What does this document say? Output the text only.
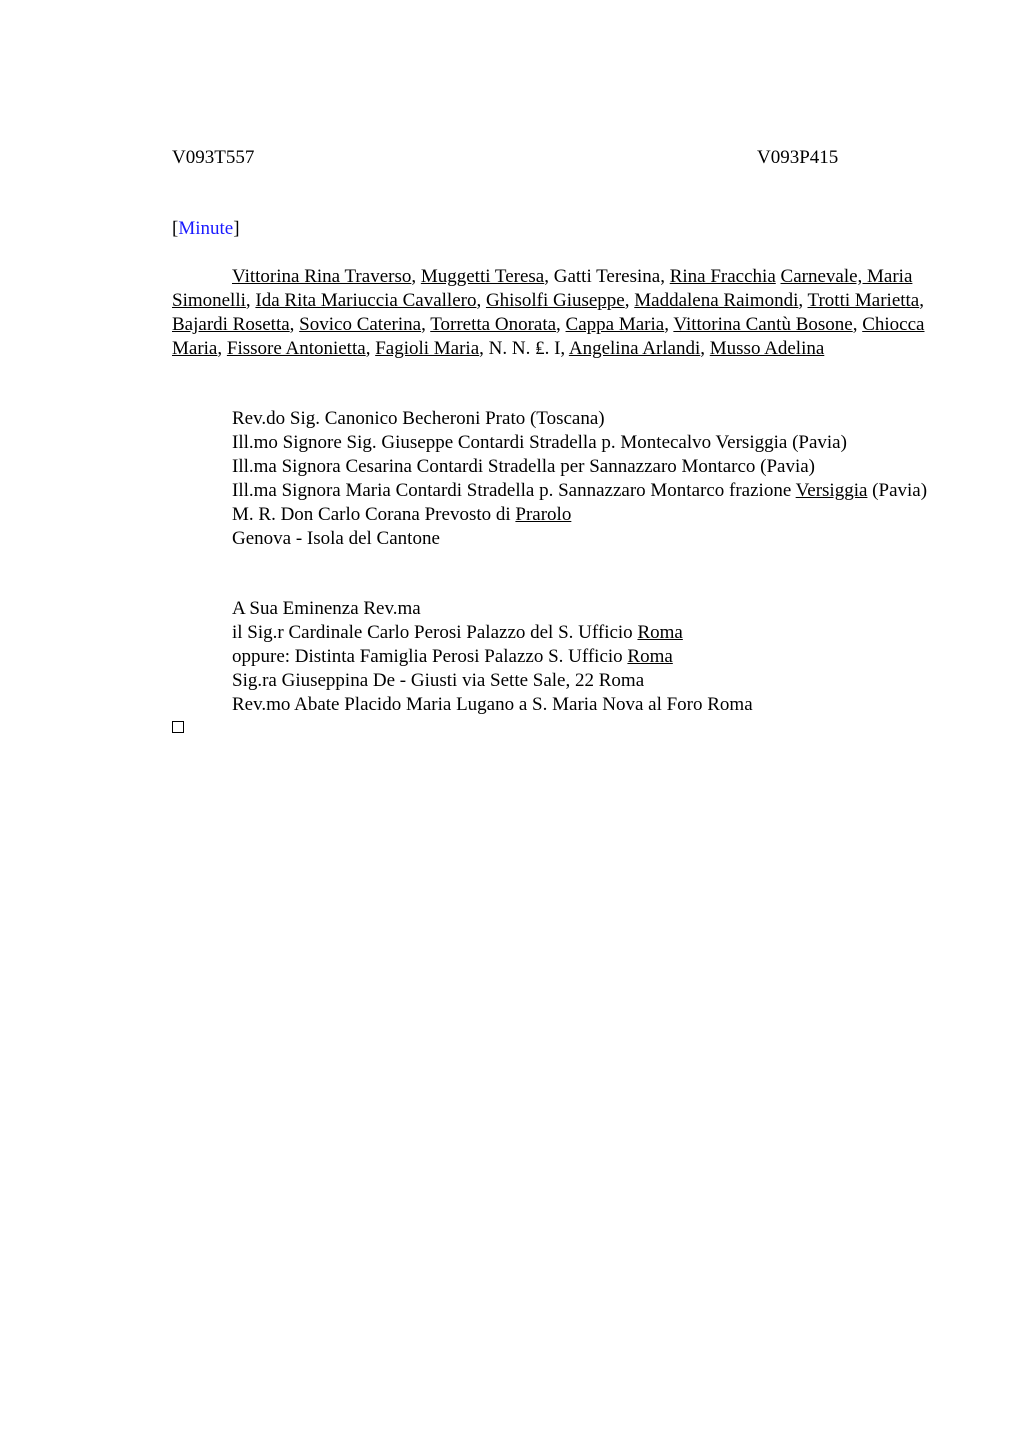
V093T557	V093P415
[Minute]
Vittorina Rina Traverso, Muggetti Teresa, Gatti Teresina, Rina Fracchia Carnevale, Maria Simonelli, Ida Rita Mariuccia Cavallero, Ghisolfi Giuseppe, Maddalena Raimondi, Trotti Marietta, Bajardi Rosetta, Sovico Caterina, Torretta Onorata, Cappa Maria, Vittorina Cantù Bosone, Chiocca Maria, Fissore Antonietta, Fagioli Maria, N. N. ₤. I, Angelina Arlandi, Musso Adelina
Rev.do Sig. Canonico Becheroni Prato (Toscana)
Ill.mo Signore Sig. Giuseppe Contardi Stradella p. Montecalvo Versiggia (Pavia)
Ill.ma Signora Cesarina Contardi Stradella per Sannazzaro Montarco (Pavia)
Ill.ma Signora Maria Contardi Stradella p. Sannazzaro Montarco frazione Versiggia (Pavia)
M. R. Don Carlo Corana Prevosto di Prarolo
Genova - Isola del Cantone
A Sua Eminenza Rev.ma
il Sig.r Cardinale Carlo Perosi Palazzo del S. Ufficio Roma
oppure: Distinta Famiglia Perosi Palazzo S. Ufficio Roma
Sig.ra Giuseppina De - Giusti via Sette Sale, 22 Roma
Rev.mo Abate Placido Maria Lugano a S. Maria Nova al Foro Roma
